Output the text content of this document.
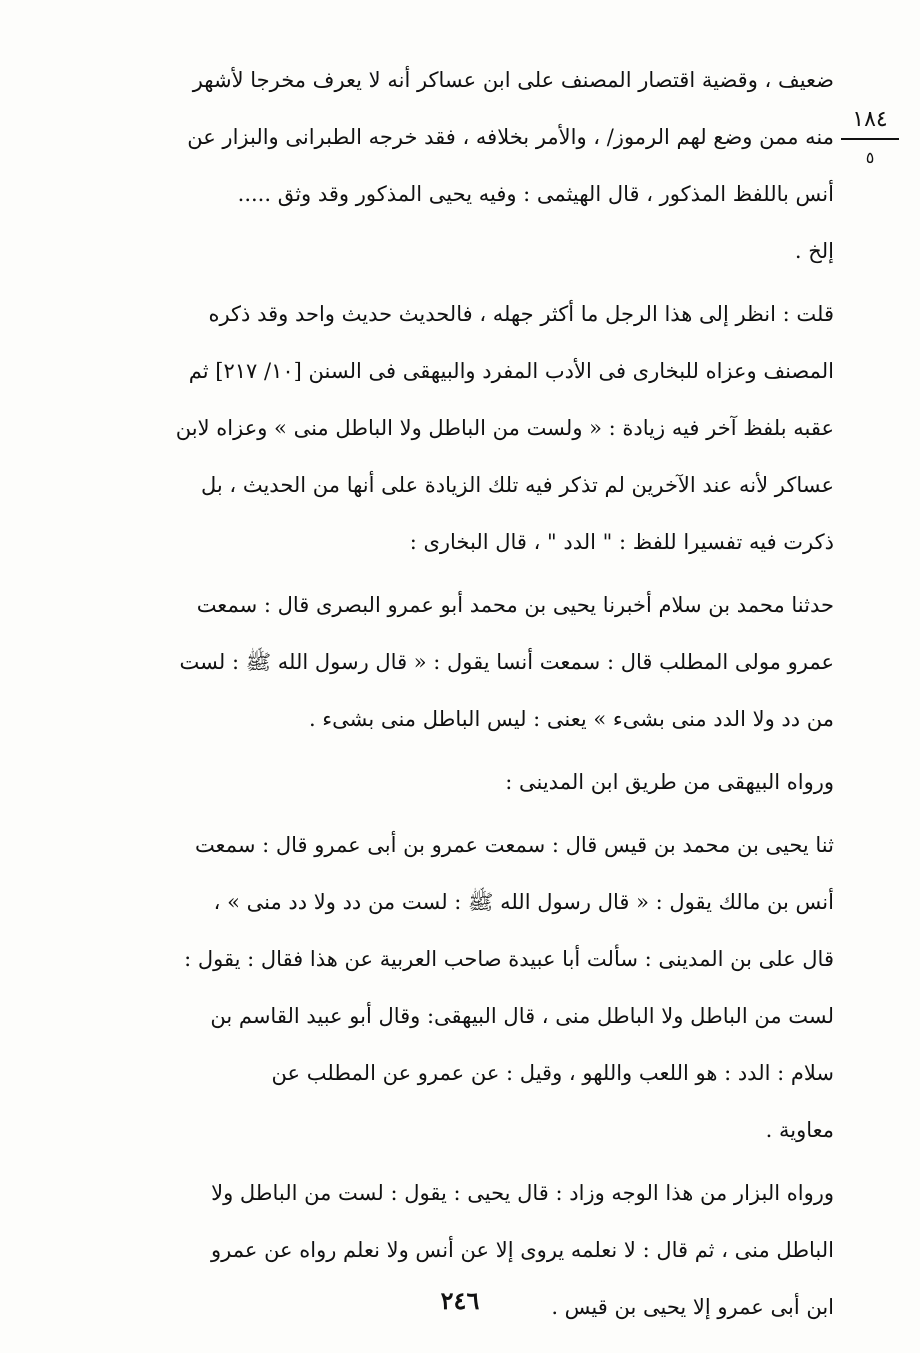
١٨٤
٥
ضعيف ، وقضية اقتصار المصنف على ابن عساكر أنه لا يعرف مخرجا لأشهر
منه ممن وضع لهم الرموز/ ، والأمر بخلافه ، فقد خرجه الطبرانى والبزار عن
أنس باللفظ المذكور ، قال الهيثمى : وفيه يحيى المذكور وقد وثق .....
إلخ .
قلت : انظر إلى هذا الرجل ما أكثر جهله ، فالحديث حديث واحد وقد ذكره
المصنف وعزاه للبخارى فى الأدب المفرد والبيهقى فى السنن [١٠/ ٢١٧] ثم
عقبه بلفظ آخر فيه زيادة : « ولست من الباطل ولا الباطل منى » وعزاه لابن
عساكر لأنه عند الآخرين لم تذكر فيه تلك الزيادة على أنها من الحديث ، بل
ذكرت فيه تفسيرا للفظ : " الدد " ، قال البخارى :
حدثنا محمد بن سلام أخبرنا يحيى بن محمد أبو عمرو البصرى قال : سمعت
عمرو مولى المطلب قال : سمعت أنسا يقول : « قال رسول الله ﷺ : لست
من دد ولا الدد منى بشىء » يعنى : ليس الباطل منى بشىء .
ورواه البيهقى من طريق ابن المدينى :
ثنا يحيى بن محمد بن قيس قال : سمعت عمرو بن أبى عمرو قال : سمعت
أنس بن مالك يقول : « قال رسول الله ﷺ : لست من دد ولا دد منى » ،
قال على بن المدينى : سألت أبا عبيدة صاحب العربية عن هذا فقال : يقول :
لست من الباطل ولا الباطل منى ، قال البيهقى: وقال أبو عبيد القاسم بن
سلام : الدد : هو اللعب واللهو ، وقيل : عن عمرو عن المطلب عن
معاوية .
ورواه البزار من هذا الوجه وزاد : قال يحيى : يقول : لست من الباطل ولا
الباطل منى ، ثم قال : لا نعلمه يروى إلا عن أنس ولا نعلم رواه عن عمرو
ابن أبى عمرو إلا يحيى بن قيس .
٢٤٦
